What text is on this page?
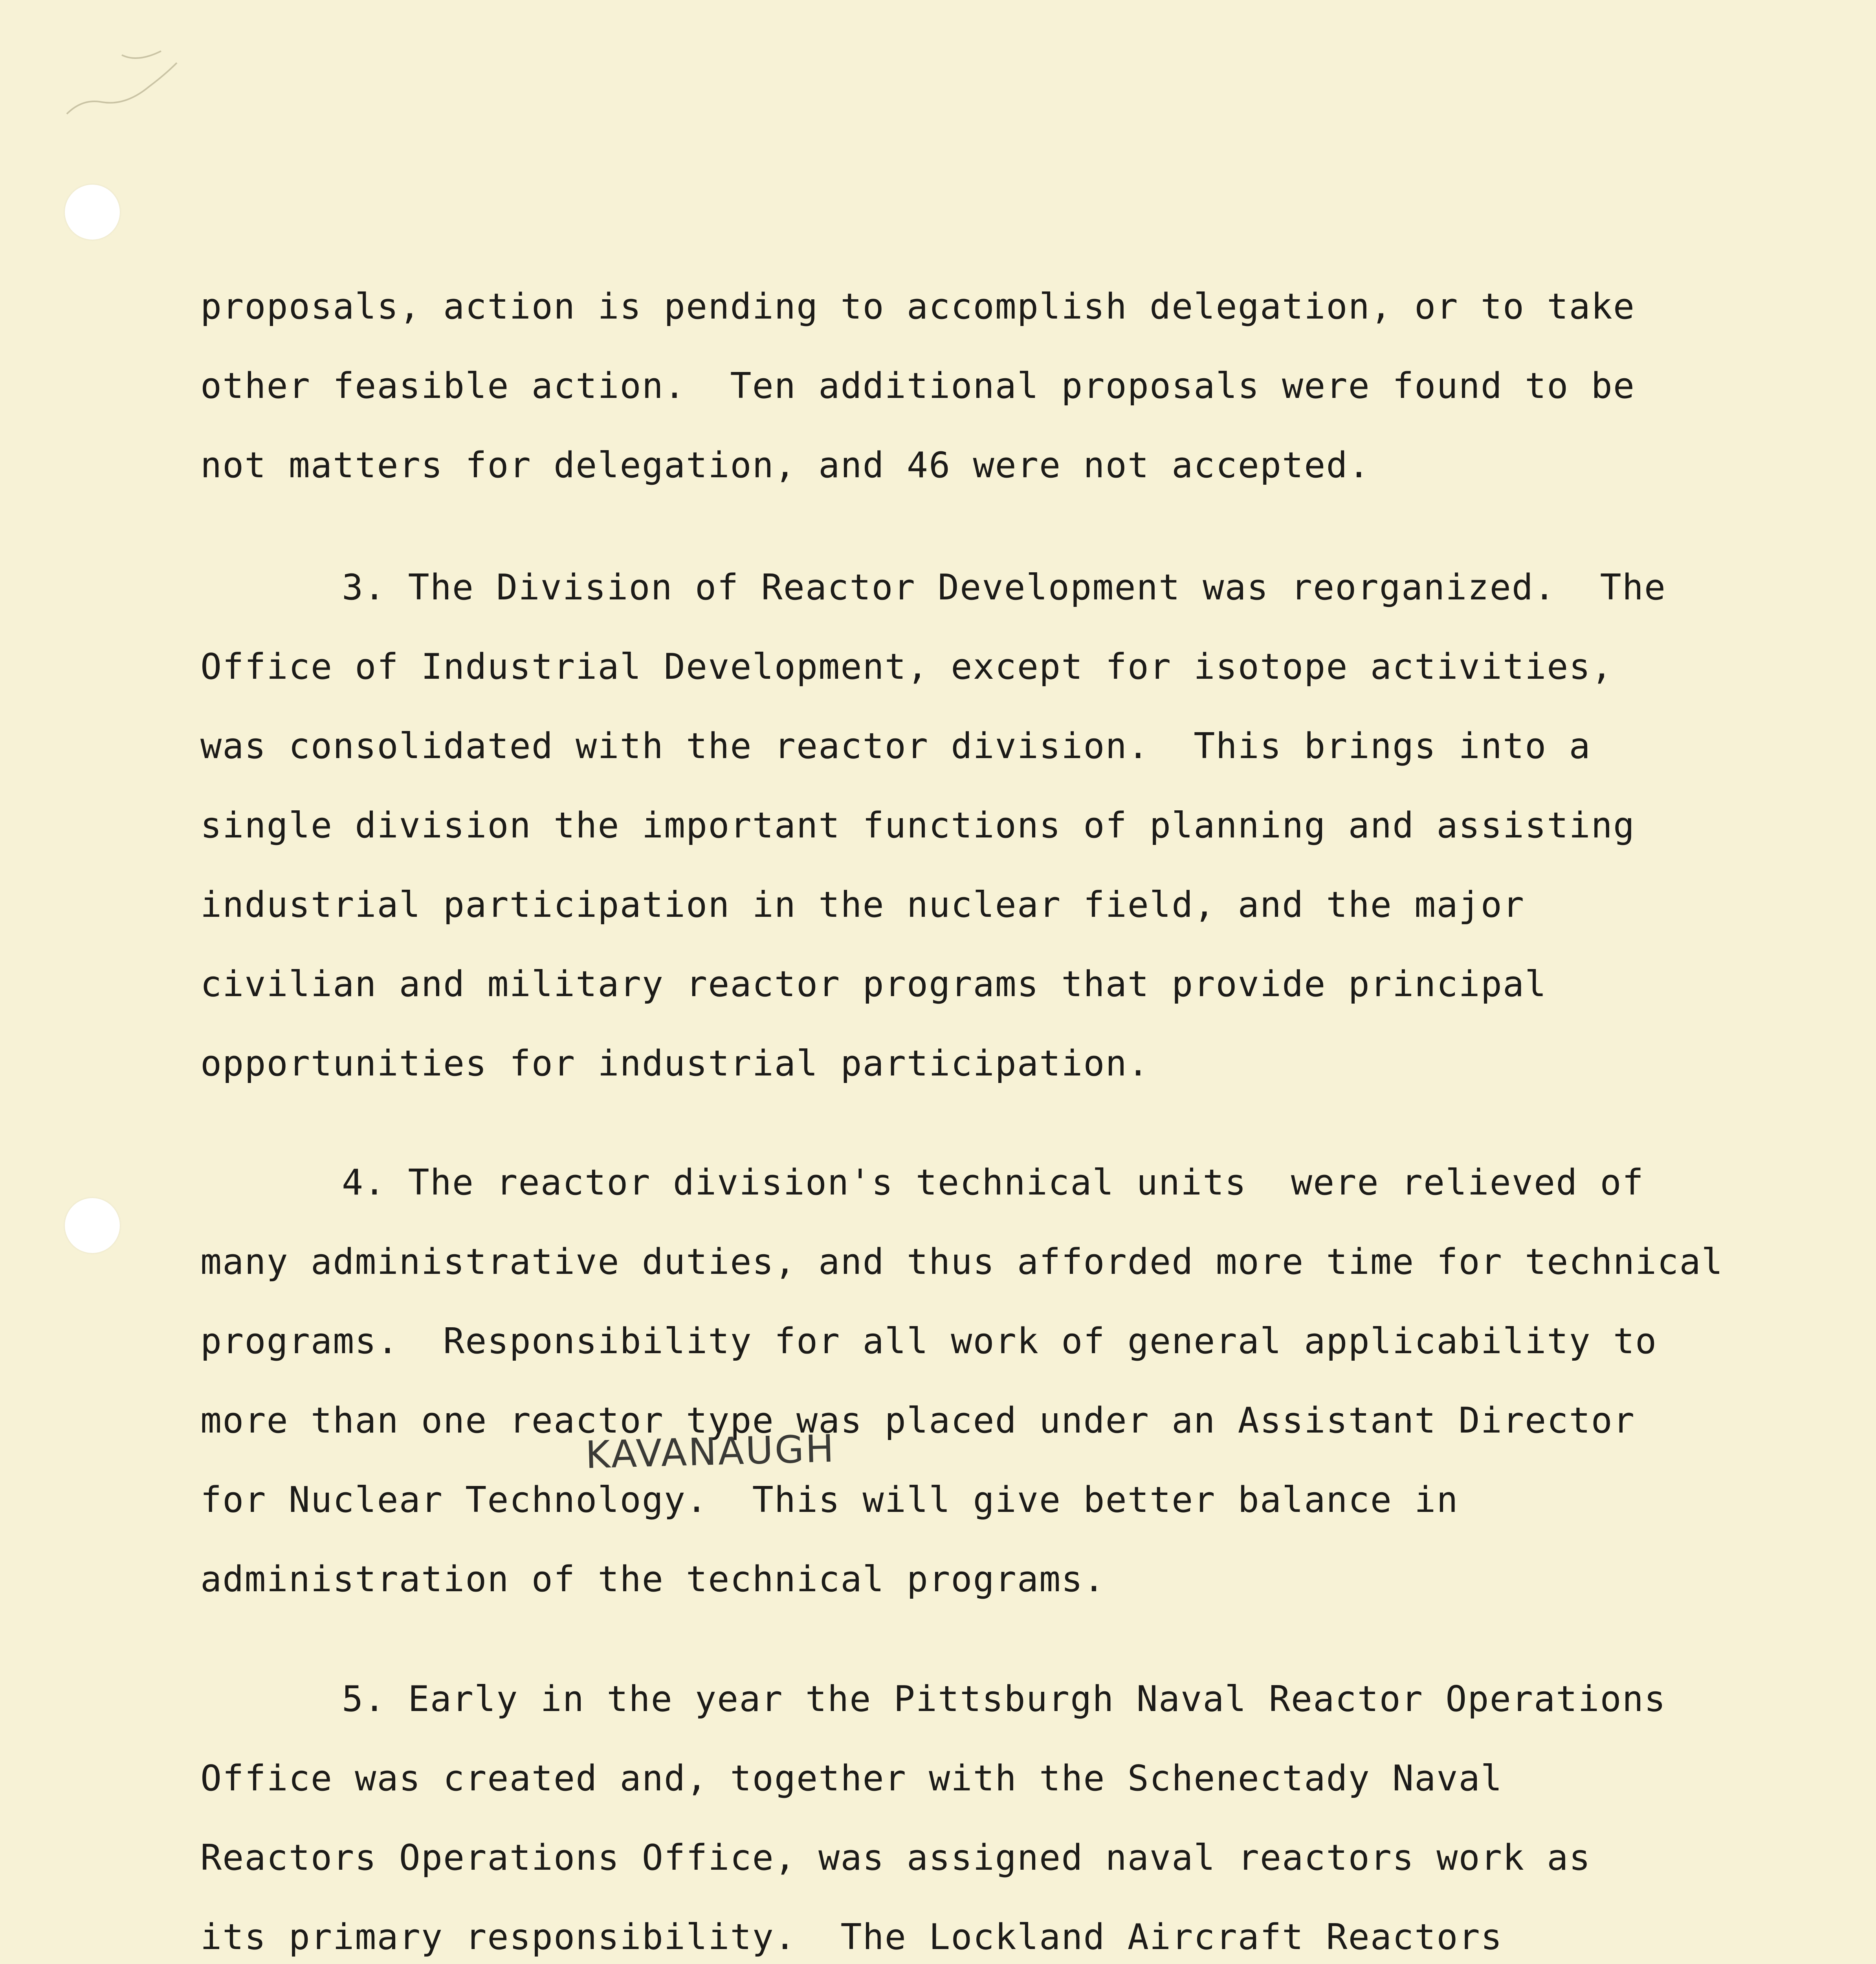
proposals, action is pending to accomplish delegation, or to take
other feasible action.  Ten additional proposals were found to be
not matters for delegation, and 46 were not accepted.
3. The Division of Reactor Development was reorganized.  The
Office of Industrial Development, except for isotope activities,
was consolidated with the reactor division.  This brings into a
single division the important functions of planning and assisting
industrial participation in the nuclear field, and the major
civilian and military reactor programs that provide principal
opportunities for industrial participation.
4. The reactor division's technical units  were relieved of
many administrative duties, and thus afforded more time for technical
programs.  Responsibility for all work of general applicability to
more than one reactor type was placed under an Assistant Director
for Nuclear Technology.  This will give better balance in
administration of the technical programs.
KAVANAUGH
5. Early in the year the Pittsburgh Naval Reactor Operations
Office was created and, together with the Schenectady Naval
Reactors Operations Office, was assigned naval reactors work as
its primary responsibility.  The Lockland Aircraft Reactors
